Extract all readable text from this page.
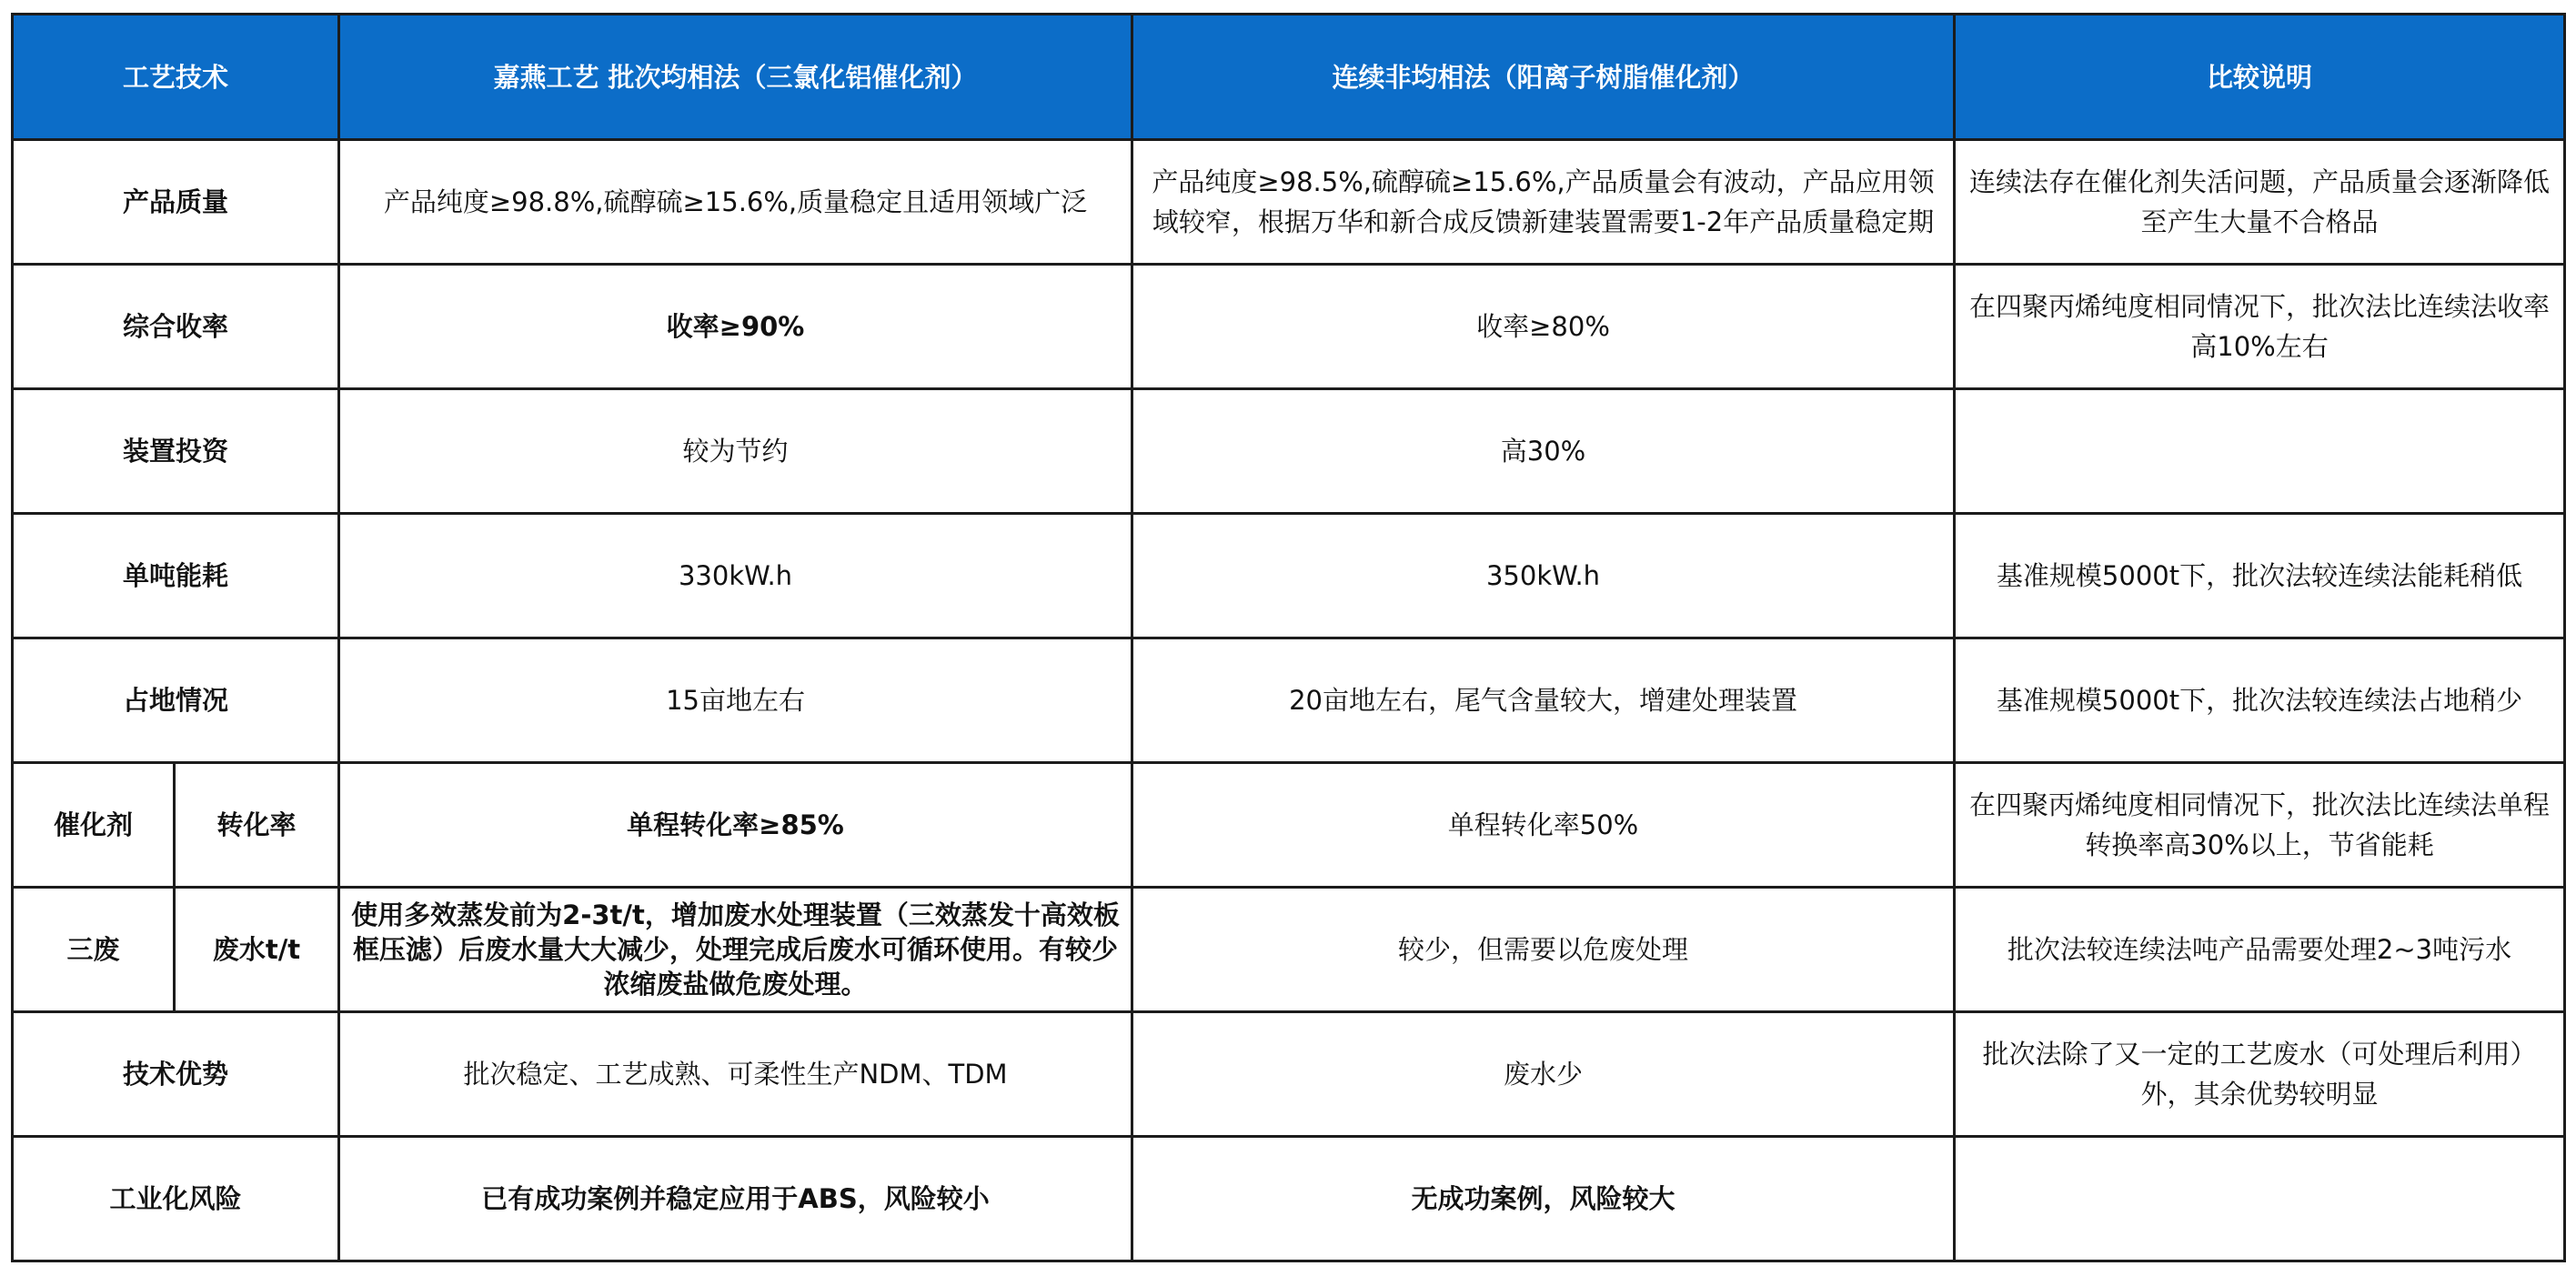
工艺技术		嘉燕工艺 批次均相法（三氯化铝催化剂）	连续非均相法（阳离子树脂催化剂）	比较说明
产品质量		产品纯度≥98.8%,硫醇硫≥15.6%,质量稳定且适用领域广泛	产品纯度≥98.5%,硫醇硫≥15.6%,产品质量会有波动，产品应用领域较窄，根据万华和新合成反馈新建装置需要1-2年产品质量稳定期	连续法存在催化剂失活问题，产品质量会逐渐降低至产生大量不合格品
综合收率		收率≥90%	收率≥80%	在四聚丙烯纯度相同情况下，批次法比连续法收率高10%左右
装置投资		较为节约	高30%	
单吨能耗		330kW.h	350kW.h	基准规模5000t下，批次法较连续法能耗稍低
占地情况		15亩地左右	20亩地左右，尾气含量较大，增建处理装置	基准规模5000t下，批次法较连续法占地稍少
催化剂	转化率	单程转化率≥85%	单程转化率50%	在四聚丙烯纯度相同情况下，批次法比连续法单程转换率高30%以上，节省能耗
三废	废水t/t	使用多效蒸发前为2-3t/t，增加废水处理装置（三效蒸发十高效板框压滤）后废水量大大减少，处理完成后废水可循环使用。有较少浓缩废盐做危废处理。	较少，但需要以危废处理	批次法较连续法吨产品需要处理2~3吨污水
技术优势		批次稳定、工艺成熟、可柔性生产NDM、TDM	废水少	批次法除了又一定的工艺废水（可处理后利用）外，其余优势较明显
工业化风险		已有成功案例并稳定应用于ABS，风险较小	无成功案例，风险较大	
